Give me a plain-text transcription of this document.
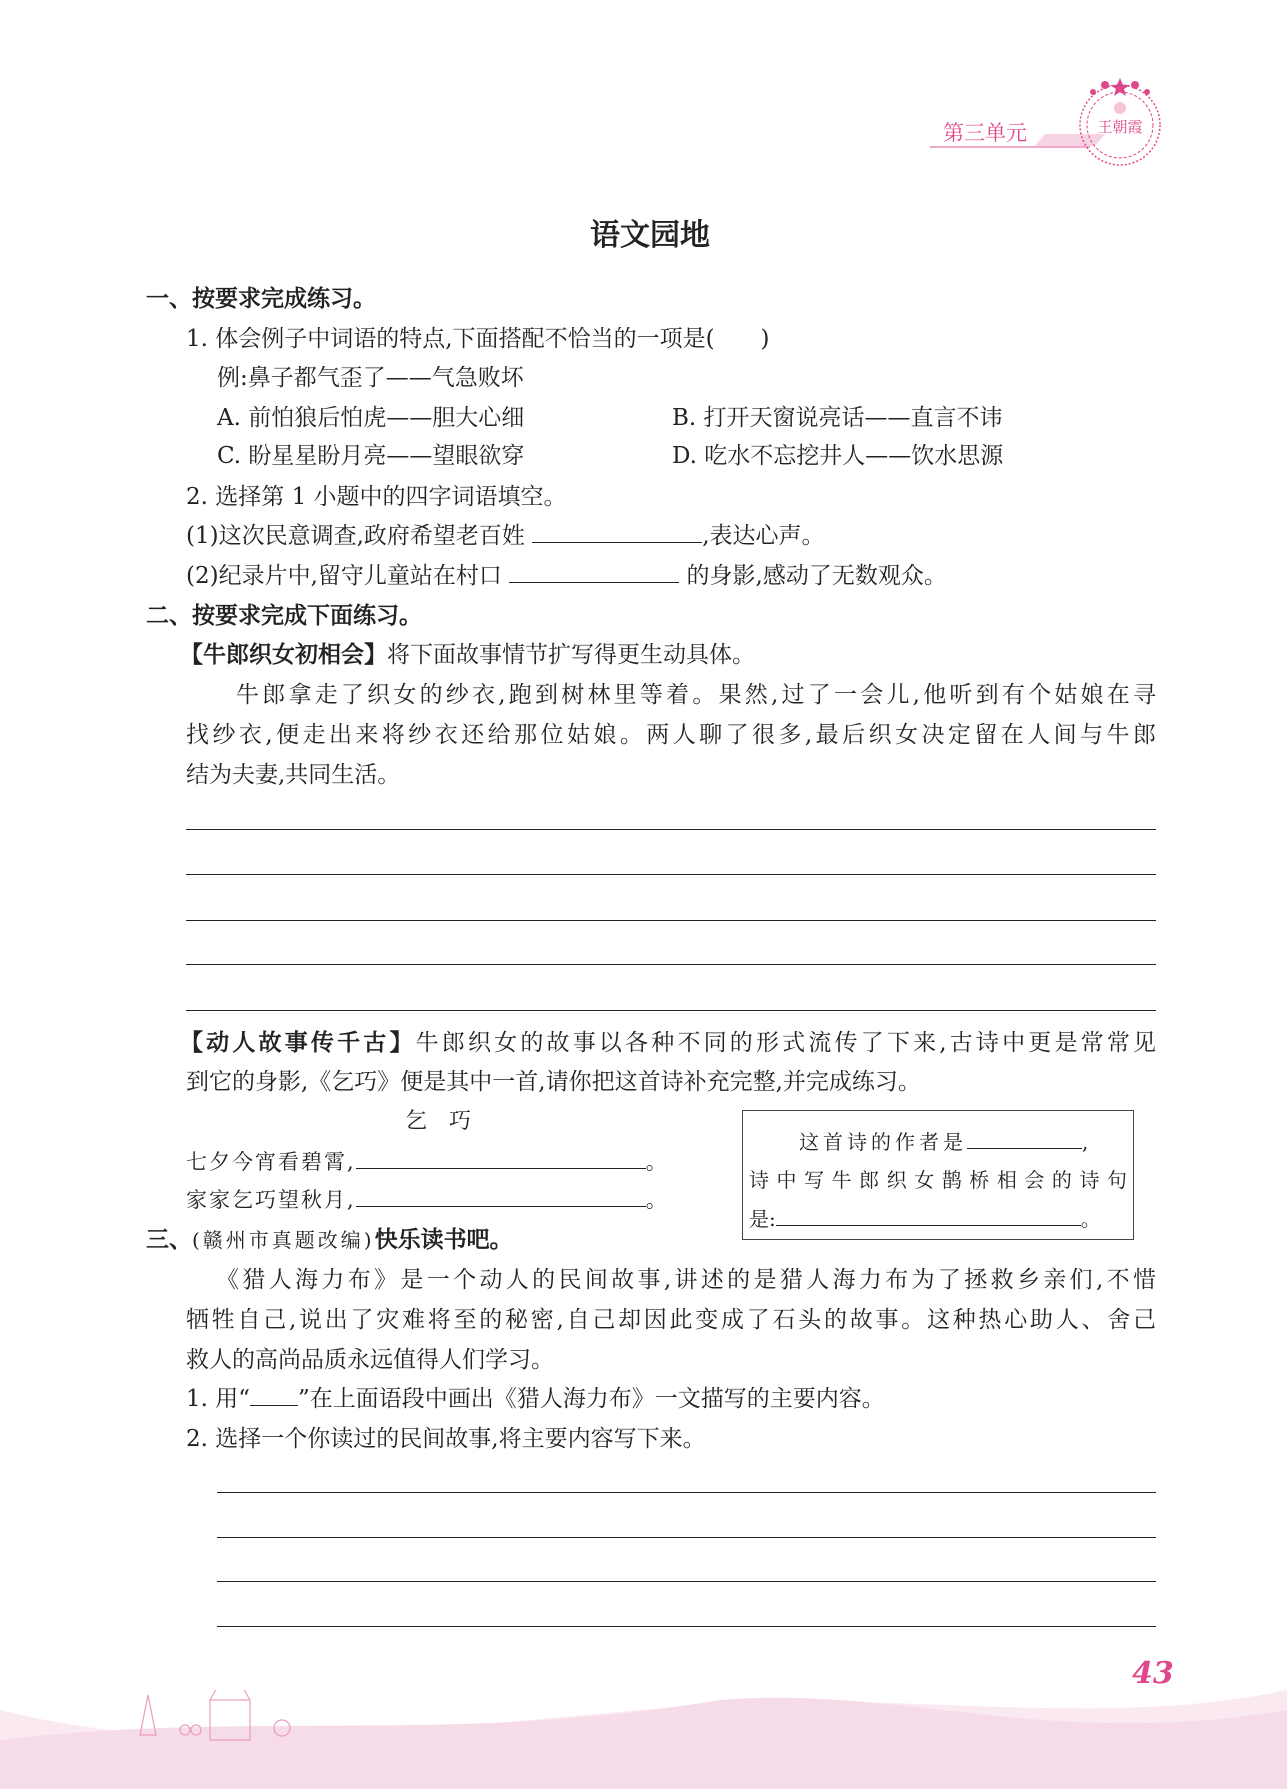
第三单元	王朝霞
语文园地
一、按要求完成练习。
1. 体会例子中词语的特点,下面搭配不恰当的一项是(　　)
例:鼻子都气歪了——气急败坏
A. 前怕狼后怕虎——胆大心细	B. 打开天窗说亮话——直言不讳
C. 盼星星盼月亮——望眼欲穿	D. 吃水不忘挖井人——饮水思源
2. 选择第 1 小题中的四字词语填空。
(1)这次民意调查,政府希望老百姓	,表达心声。
(2)纪录片中,留守儿童站在村口	的身影,感动了无数观众。
二、按要求完成下面练习。
【牛郎织女初相会】将下面故事情节扩写得更生动具体。
牛郎拿走了织女的纱衣,跑到树林里等着。果然,过了一会儿,他听到有个姑娘在寻
找纱衣,便走出来将纱衣还给那位姑娘。两人聊了很多,最后织女决定留在人间与牛郎
结为夫妻,共同生活。
【动人故事传千古】牛郎织女的故事以各种不同的形式流传了下来,古诗中更是常常见
到它的身影,《乞巧》便是其中一首,请你把这首诗补充完整,并完成练习。
乞　巧
七夕今宵看碧霄,	。
家家乞巧望秋月,	。
这首诗的作者是	,
诗中写牛郎织女鹊桥相会的诗句
是:	。
三、(赣州市真题改编)快乐读书吧。
《猎人海力布》是一个动人的民间故事,讲述的是猎人海力布为了拯救乡亲们,不惜
牺牲自己,说出了灾难将至的秘密,自己却因此变成了石头的故事。这种热心助人、舍己
救人的高尚品质永远值得人们学习。
1. 用“ ”在上面语段中画出《猎人海力布》一文描写的主要内容。
2. 选择一个你读过的民间故事,将主要内容写下来。
43
